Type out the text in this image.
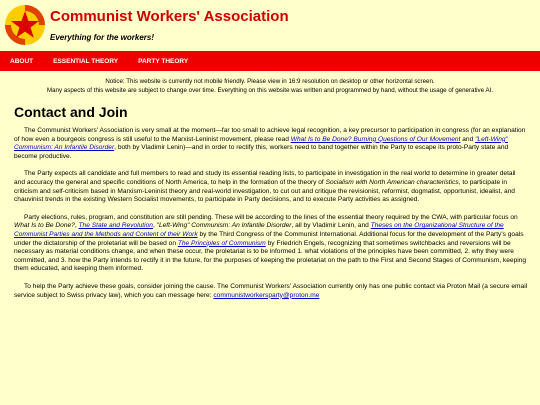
Communist Workers' Association
Everything for the workers!
ABOUT	ESSENTIAL THEORY	PARTY THEORY
Notice: This website is currently not mobile friendly. Please view in 16:9 resolution on desktop or other horizontal screen.
Many aspects of this website are subject to change over time. Everything on this website was written and programmed by hand, without the usage of generative AI.
Contact and Join

The Communist Workers' Association is very small at the moment—far too small to achieve legal recognition, a key precursor to participation in congress (for an explanation of how even a bourgeois congress is still useful to the Marxist-Leninist movement, please read What Is to Be Done? Burning Questions of Our Movement and "Left-Wing" Communism: An Infantile Disorder, both by Vladimir Lenin)—and in order to rectify this, workers need to band together within the Party to escape its proto-Party state and become productive.

The Party expects all candidate and full members to read and study its essential reading lists, to participate in investigation in the real world to determine in greater detail and accuracy the general and specific conditions of North America, to help in the formation of the theory of Socialism with North American characteristics, to participate in criticism and self-criticism based in Marxism-Leninist theory and real-world investigation, to cut out and critique the revisionist, reformist, dogmatist, opportunist, idealist, and chauvinist trends in the existing Western Socialist movements, to participate in Party decisions, and to execute Party activities as assigned.

Party elections, rules, program, and constitution are still pending. These will be according to the lines of the essential theory required by the CWA, with particular focus on What Is to Be Done?, The State and Revolution, "Left-Wing" Communism: An Infantile Disorder, all by Vladimir Lenin, and Theses on the Organizational Structure of the Communist Parties and the Methods and Content of their Work by the Third Congress of the Communist International. Additional focus for the development of the Party's goals under the dictatorship of the proletariat will be based on The Principles of Communism by Friedrich Engels, recognizing that sometimes switchbacks and reversions will be necessary as material conditions change, and when these occur, the proletariat is to be informed 1. what violations of the principles have been committed, 2. why they were committed, and 3. how the Party intends to rectify it in the future, for the purposes of keeping the proletariat on the path to the First and Second Stages of Communism, keeping them educated, and keeping them informed.

To help the Party achieve these goals, consider joining the cause. The Communist Workers' Association currently only has one public contact via Proton Mail (a secure email service subject to Swiss privacy law), which you can message here: communistworkersparty@proton.me
